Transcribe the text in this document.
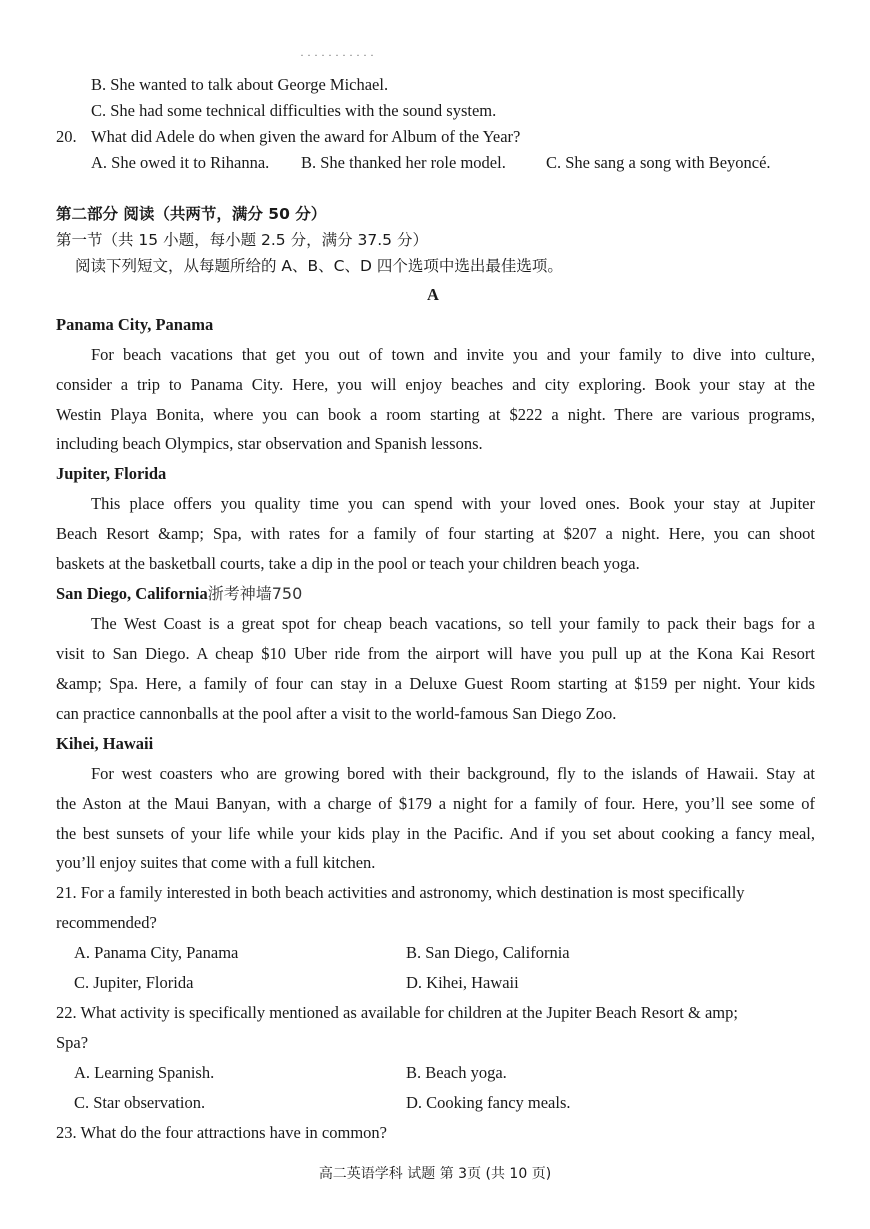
· · · · · · · · · · ·
B. She wanted to talk about George Michael.
C. She had some technical difficulties with the sound system.
20. What did Adele do when given the award for Album of the Year?
A. She owed it to Rihanna. B. She thanked her role model. C. She sang a song with Beyoncé.
第二部分 阅读（共两节，满分 50 分）
第一节（共 15 小题，每小题 2.5 分，满分 37.5 分）
阅读下列短文，从每题所给的 A、B、C、D 四个选项中选出最佳选项。
A
Panama City, Panama
For beach vacations that get you out of town and invite you and your family to dive into culture,
consider a trip to Panama City. Here, you will enjoy beaches and city exploring. Book your stay at the
Westin Playa Bonita, where you can book a room starting at $222 a night. There are various programs,
including beach Olympics, star observation and Spanish lessons.
Jupiter, Florida
This place offers you quality time you can spend with your loved ones. Book your stay at Jupiter
Beach Resort &amp; Spa, with rates for a family of four starting at $207 a night. Here, you can shoot
baskets at the basketball courts, take a dip in the pool or teach your children beach yoga.
San Diego, California浙考神墙750
The West Coast is a great spot for cheap beach vacations, so tell your family to pack their bags for a
visit to San Diego. A cheap $10 Uber ride from the airport will have you pull up at the Kona Kai Resort
&amp; Spa. Here, a family of four can stay in a Deluxe Guest Room starting at $159 per night. Your kids
can practice cannonballs at the pool after a visit to the world-famous San Diego Zoo.
Kihei, Hawaii
For west coasters who are growing bored with their background, fly to the islands of Hawaii. Stay at
the Aston at the Maui Banyan, with a charge of $179 a night for a family of four. Here, you’ll see some of
the best sunsets of your life while your kids play in the Pacific. And if you set about cooking a fancy meal,
you’ll enjoy suites that come with a full kitchen.
21. For a family interested in both beach activities and astronomy, which destination is most specifically
recommended?
A. Panama City, Panama	B. San Diego, California
C. Jupiter, Florida	D. Kihei, Hawaii
22. What activity is specifically mentioned as available for children at the Jupiter Beach Resort & amp;
Spa?
A. Learning Spanish.	B. Beach yoga.
C. Star observation.	D. Cooking fancy meals.
23. What do the four attractions have in common?
高二英语学科 试题 第 3页 (共 10 页)
